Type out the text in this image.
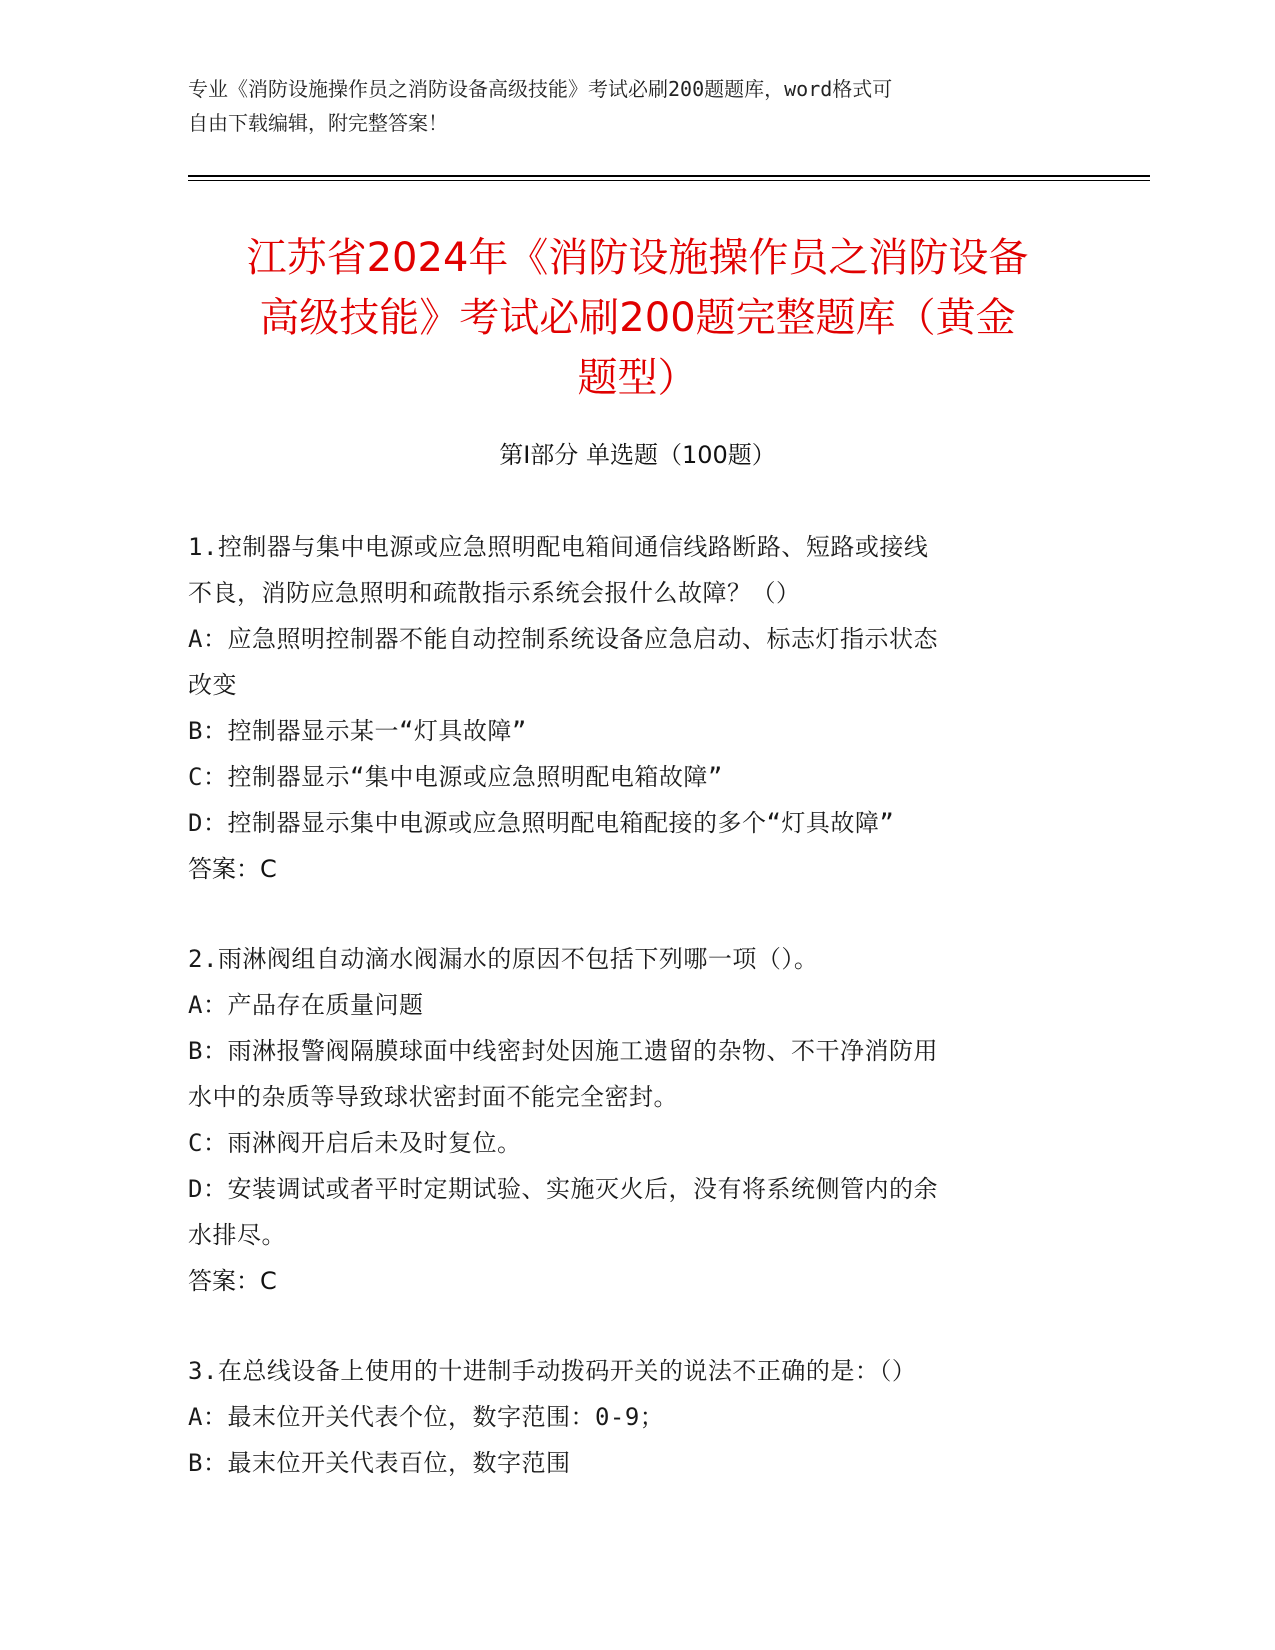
专业《消防设施操作员之消防设备高级技能》考试必刷200题题库，word格式可
自由下载编辑，附完整答案！
江苏省2024年《消防设施操作员之消防设备
高级技能》考试必刷200题完整题库（黄金
题型）
第Ⅰ部分 单选题（100题）
1.控制器与集中电源或应急照明配电箱间通信线路断路、短路或接线
不良，消防应急照明和疏散指示系统会报什么故障？（）
A：应急照明控制器不能自动控制系统设备应急启动、标志灯指示状态
改变
B：控制器显示某一“灯具故障”
C：控制器显示“集中电源或应急照明配电箱故障”
D：控制器显示集中电源或应急照明配电箱配接的多个“灯具故障”
答案：C
2.雨淋阀组自动滴水阀漏水的原因不包括下列哪一项（）。
A：产品存在质量问题
B：雨淋报警阀隔膜球面中线密封处因施工遗留的杂物、不干净消防用
水中的杂质等导致球状密封面不能完全密封。
C：雨淋阀开启后未及时复位。
D：安装调试或者平时定期试验、实施灭火后，没有将系统侧管内的余
水排尽。
答案：C
3.在总线设备上使用的十进制手动拨码开关的说法不正确的是：（）
A：最末位开关代表个位，数字范围：0-9；
B：最末位开关代表百位，数字范围
